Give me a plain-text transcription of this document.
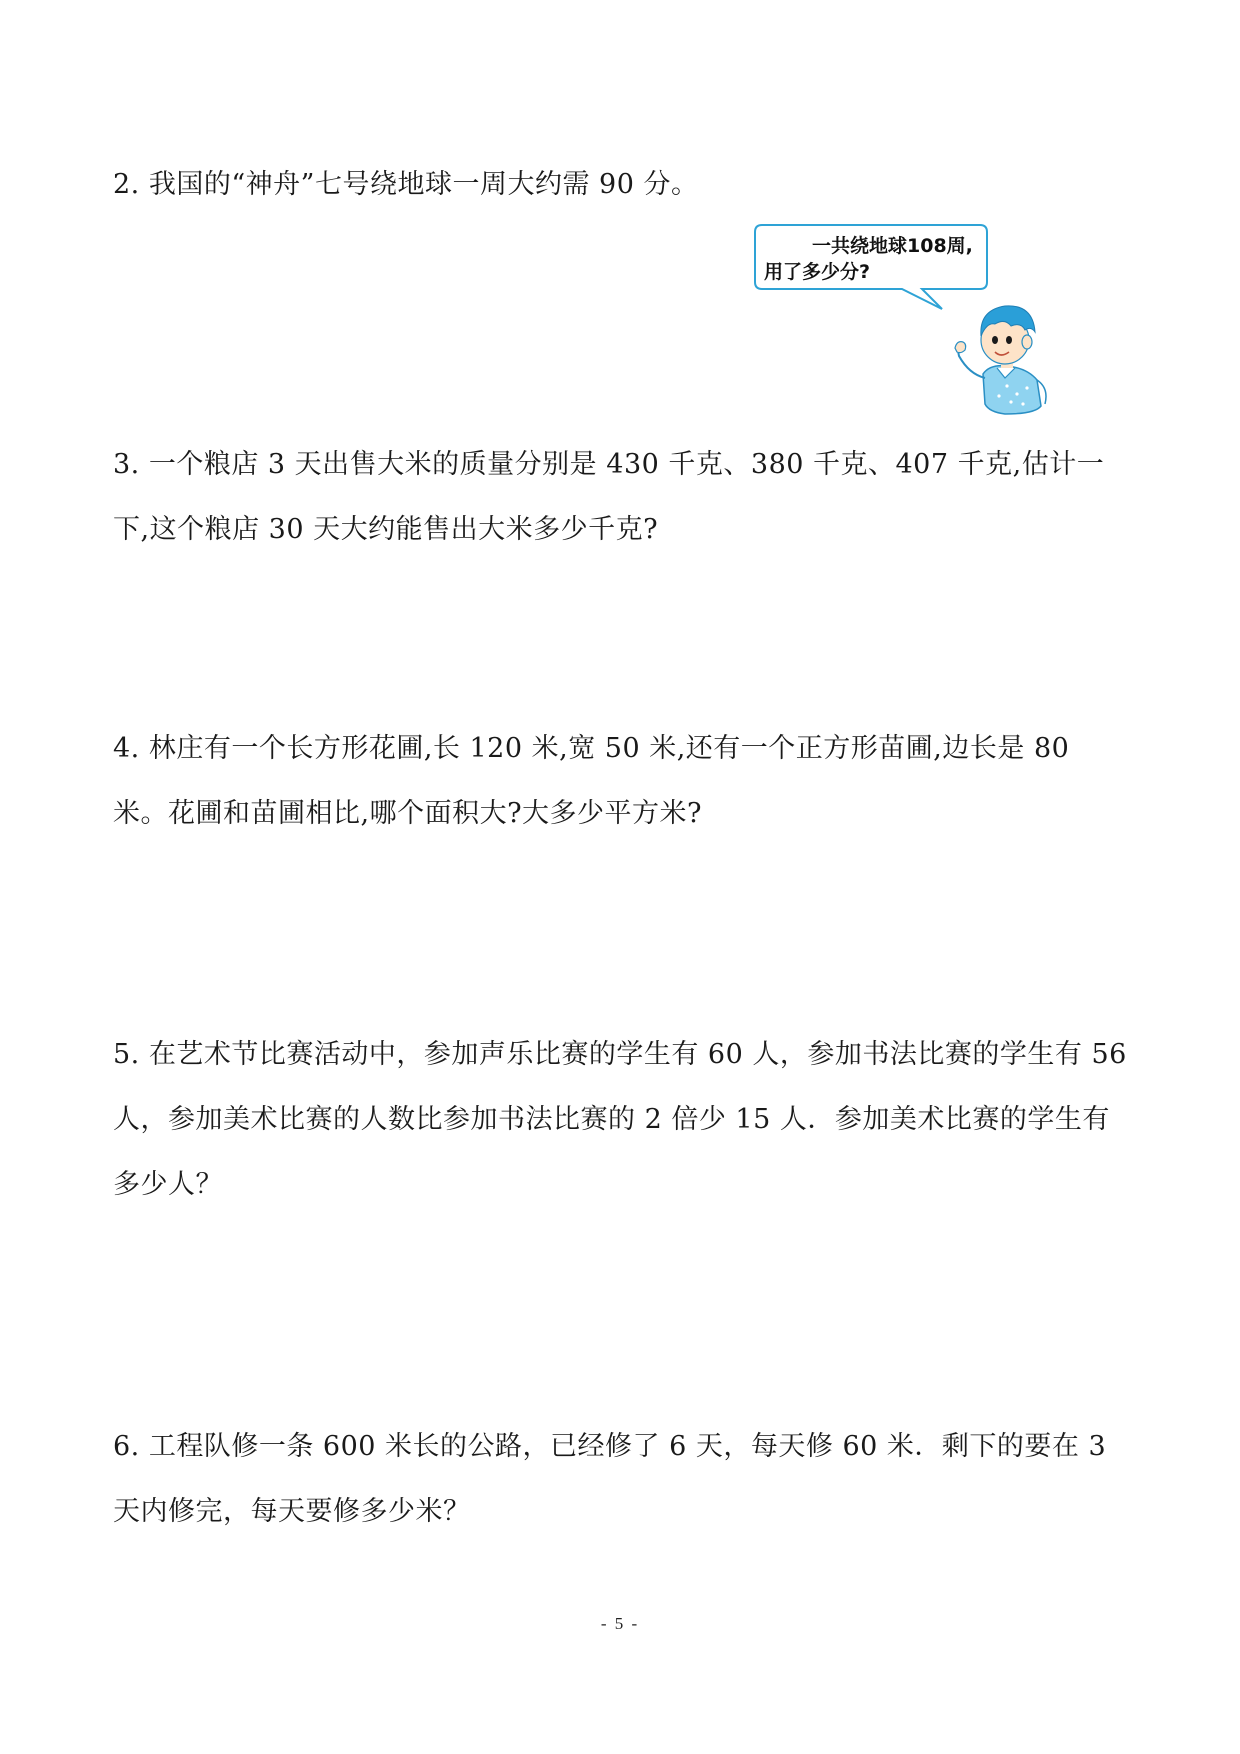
2. 我国的“神舟”七号绕地球一周大约需 90 分。

一共绕地球108周,用了多少分?

3. 一个粮店 3 天出售大米的质量分别是 430 千克、380 千克、407 千克,估计一下,这个粮店 30 天大约能售出大米多少千克?

4. 林庄有一个长方形花圃,长 120 米,宽 50 米,还有一个正方形苗圃,边长是 80 米。花圃和苗圃相比,哪个面积大?大多少平方米?

5. 在艺术节比赛活动中，参加声乐比赛的学生有 60 人，参加书法比赛的学生有 56 人，参加美术比赛的人数比参加书法比赛的 2 倍少 15 人．参加美术比赛的学生有多少人？

6. 工程队修一条 600 米长的公路，已经修了 6 天，每天修 60 米．剩下的要在 3 天内修完，每天要修多少米？

- 5 -
